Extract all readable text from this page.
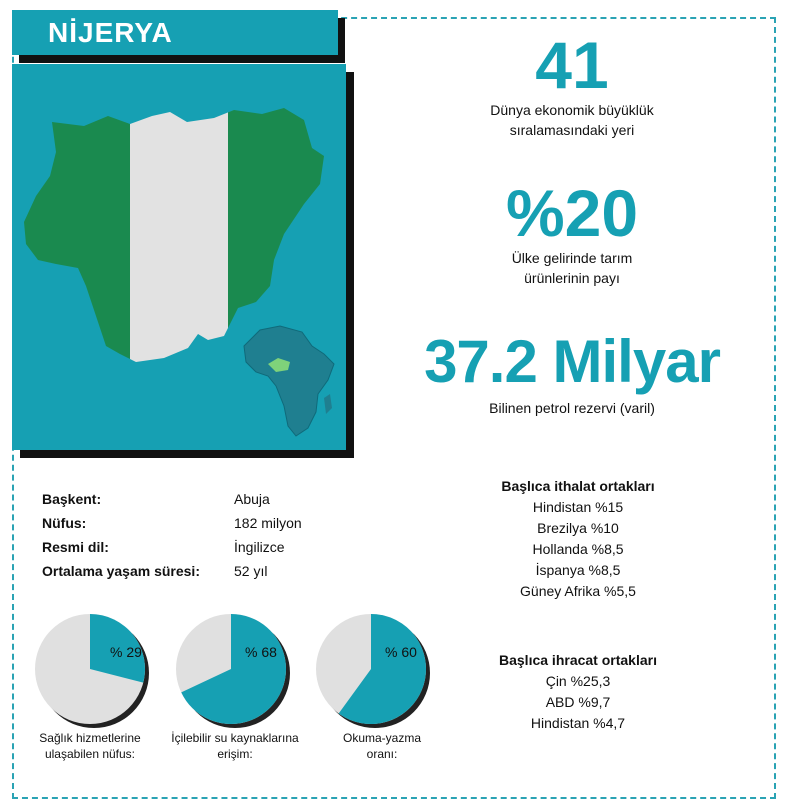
NİJERYA	41
Dünya ekonomik büyüklük
sıralamasındaki yeri
%20
Ülke gelirinde tarım
ürünlerinin payı
37.2 Milyar
Bilinen petrol rezervi (varil)
Başkent:	Abuja
Nüfus:	182 milyon
Resmi dil:	İngilizce
Ortalama yaşam süresi: 52 yıl
Başlıca ithalat ortakları
Hindistan %15
Brezilya %10
Hollanda %8,5
İspanya %8,5
Güney Afrika %5,5
Başlıca ihracat ortakları
Çin %25,3
ABD %9,7
Hindistan %4,7
% 29	% 68	% 60
Sağlık hizmetlerine
ulaşabilen nüfus:
İçilebilir su kaynaklarına
erişim:
Okuma-yazma
oranı:
